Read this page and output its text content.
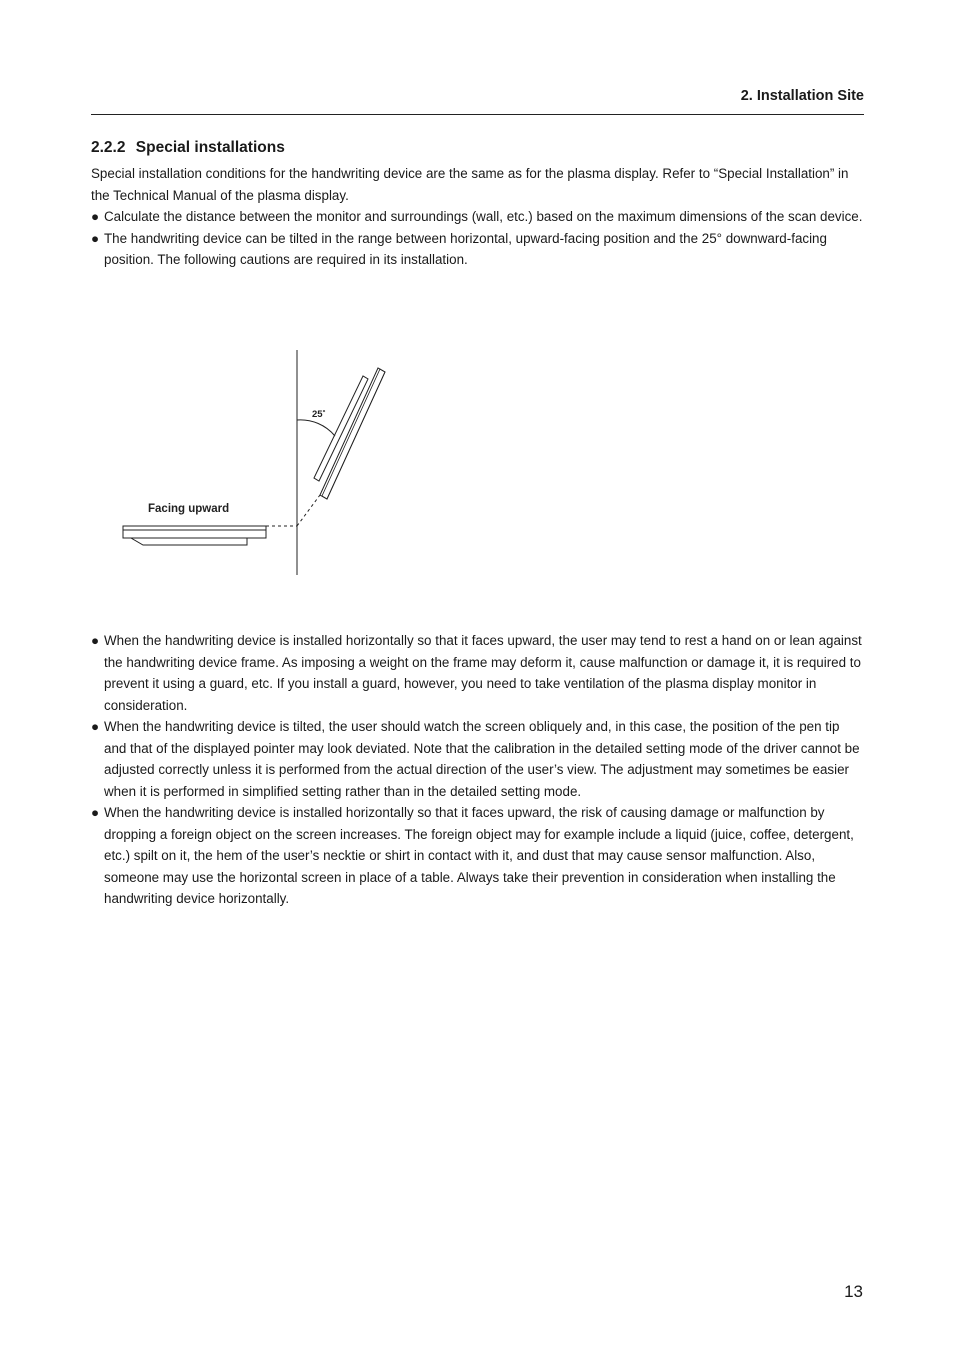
2. Installation Site
2.2.2 Special installations

Special installation conditions for the handwriting device are the same as for the plasma display. Refer to “Special Installation” in the Technical Manual of the plasma display.

● Calculate the distance between the monitor and surroundings (wall, etc.) based on the maximum dimensions of the scan device.
● The handwriting device can be tilted in the range between horizontal, upward-facing position and the 25° downward-facing position. The following cautions are required in its installation.
25˚
Facing upward
● When the handwriting device is installed horizontally so that it faces upward, the user may tend to rest a hand on or lean against the handwriting device frame. As imposing a weight on the frame may deform it, cause malfunction or damage it, it is required to prevent it using a guard, etc. If you install a guard, however, you need to take ventilation of the plasma display monitor in consideration.
● When the handwriting device is tilted, the user should watch the screen obliquely and, in this case, the position of the pen tip and that of the displayed pointer may look deviated. Note that the calibration in the detailed setting mode of the driver cannot be adjusted correctly unless it is performed from the actual direction of the user’s view. The adjustment may sometimes be easier when it is performed in simplified setting rather than in the detailed setting mode.
● When the handwriting device is installed horizontally so that it faces upward, the risk of causing damage or malfunction by dropping a foreign object on the screen increases. The foreign object may for example include a liquid (juice, coffee, detergent, etc.) spilt on it, the hem of the user’s necktie or shirt in contact with it, and dust that may cause sensor malfunction. Also, someone may use the horizontal screen in place of a table. Always take their prevention in consideration when installing the handwriting device horizontally.
13
